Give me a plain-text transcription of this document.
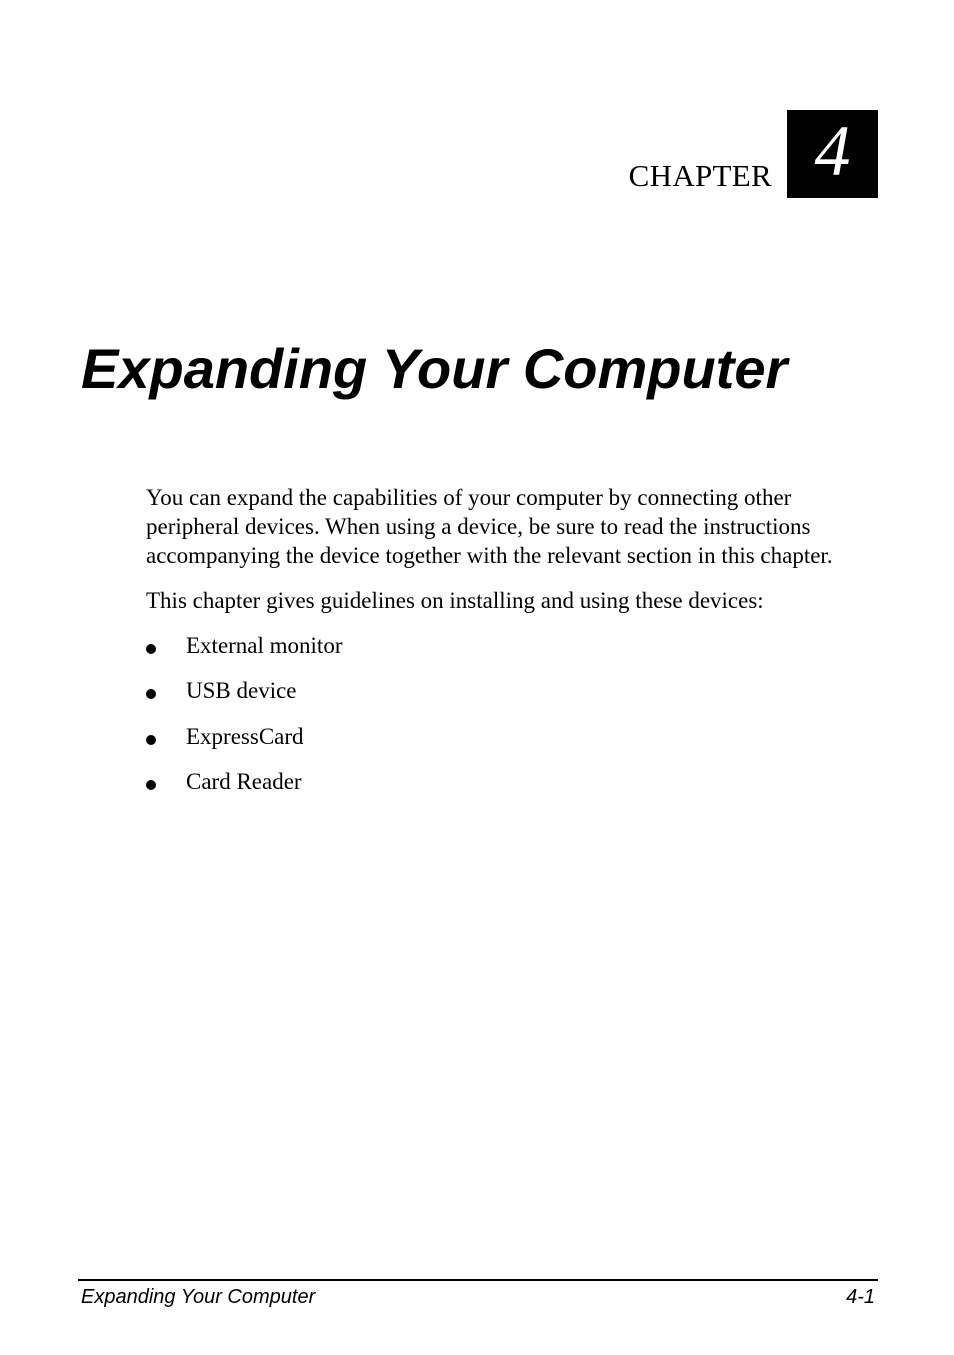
CHAPTER 4
Expanding Your Computer

You can expand the capabilities of your computer by connecting other peripheral devices. When using a device, be sure to read the instructions accompanying the device together with the relevant section in this chapter.

This chapter gives guidelines on installing and using these devices:

External monitor
USB device
ExpressCard
Card Reader
Expanding Your Computer	4-1
